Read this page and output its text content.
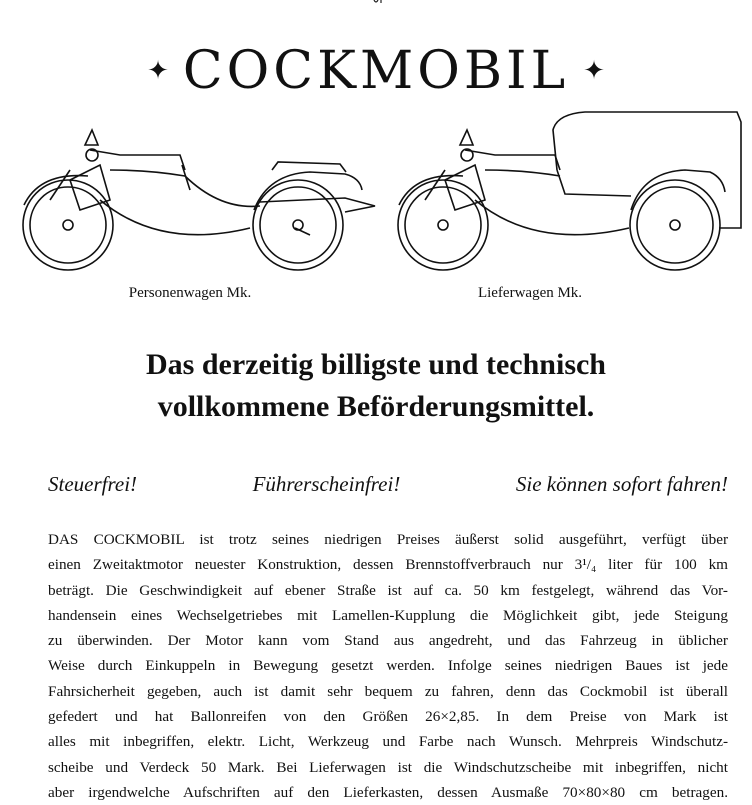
✦ COCKMOBIL ✦
Personenwagen Mk.	Lieferwagen Mk.
Das derzeitig billigste und technisch
vollkommene Beförderungsmittel.
Steuerfrei!	Führerscheinfrei!	Sie können sofort fahren!
DAS COCKMOBIL ist trotz seines niedrigen Preises äußerst solid ausgeführt, verfügt über
einen Zweitaktmotor neuester Konstruktion, dessen Brennstoffverbrauch nur 3¹/₄ liter für 100 km
beträgt. Die Geschwindigkeit auf ebener Straße ist auf ca. 50 km festgelegt, während das Vor-
handensein eines Wechselgetriebes mit Lamellen-Kupplung die Möglichkeit gibt, jede Steigung
zu überwinden. Der Motor kann vom Stand aus angedreht, und das Fahrzeug in üblicher
Weise durch Einkuppeln in Bewegung gesetzt werden. Infolge seines niedrigen Baues ist jede
Fahrsicherheit gegeben, auch ist damit sehr bequem zu fahren, denn das Cockmobil ist überall
gefedert und hat Ballonreifen von den Größen 26×2,85. In dem Preise von Mark ist
alles mit inbegriffen, elektr. Licht, Werkzeug und Farbe nach Wunsch. Mehrpreis Windschutz-
scheibe und Verdeck 50 Mark. Bei Lieferwagen ist die Windschutzscheibe mit inbegriffen, nicht
aber irgendwelche Aufschriften auf den Lieferkasten, dessen Ausmaße 70×80×80 cm betragen.
